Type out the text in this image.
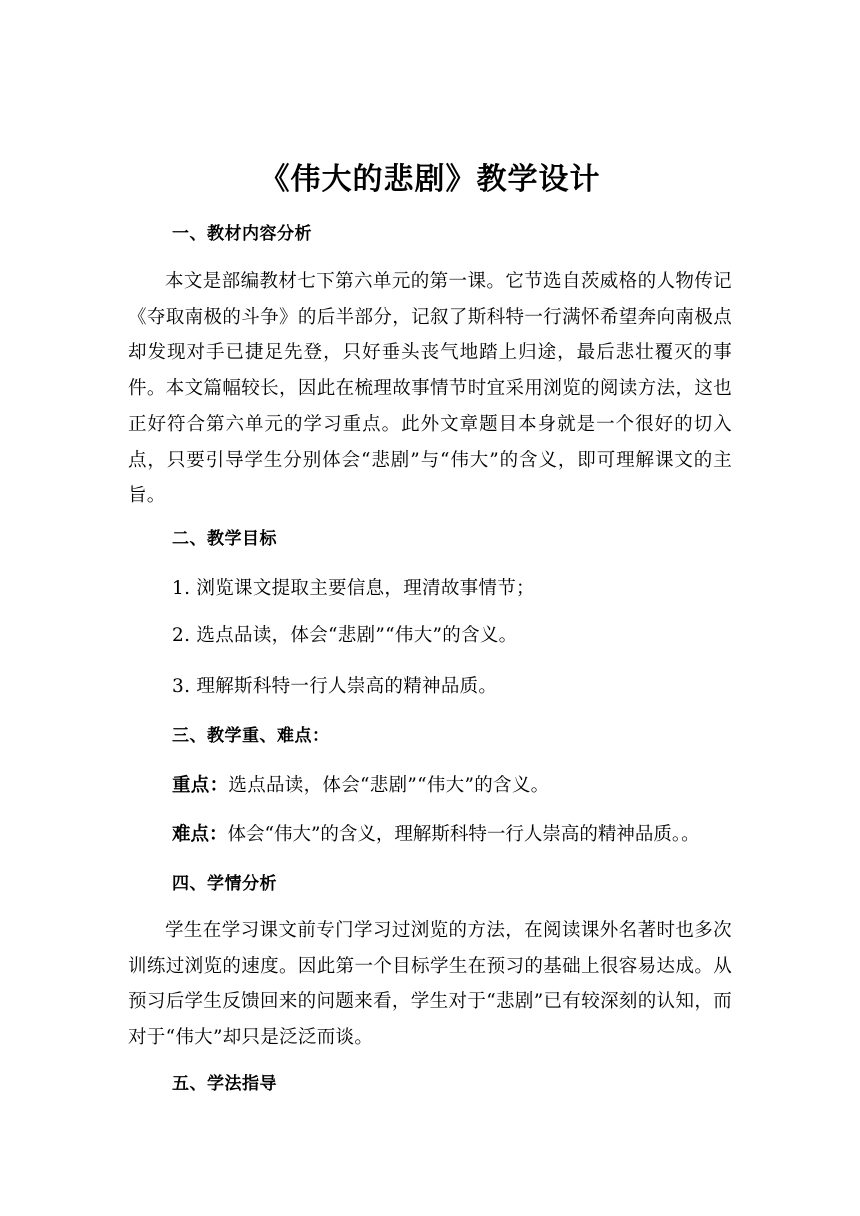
《伟大的悲剧》教学设计
一、教材内容分析
本文是部编教材七下第六单元的第一课。它节选自茨威格的人物传记《夺取南极的斗争》的后半部分，记叙了斯科特一行满怀希望奔向南极点却发现对手已捷足先登，只好垂头丧气地踏上归途，最后悲壮覆灭的事件。本文篇幅较长，因此在梳理故事情节时宜采用浏览的阅读方法，这也正好符合第六单元的学习重点。此外文章题目本身就是一个很好的切入点，只要引导学生分别体会“悲剧”与“伟大”的含义，即可理解课文的主旨。
二、教学目标
1. 浏览课文提取主要信息，理清故事情节；
2. 选点品读，体会“悲剧”“伟大”的含义。
3. 理解斯科特一行人崇高的精神品质。
三、教学重、难点：
重点：选点品读，体会“悲剧”“伟大”的含义。
难点：体会“伟大”的含义，理解斯科特一行人崇高的精神品质。。
四、学情分析
学生在学习课文前专门学习过浏览的方法，在阅读课外名著时也多次训练过浏览的速度。因此第一个目标学生在预习的基础上很容易达成。从预习后学生反馈回来的问题来看，学生对于“悲剧”已有较深刻的认知，而对于“伟大”却只是泛泛而谈。
五、学法指导
